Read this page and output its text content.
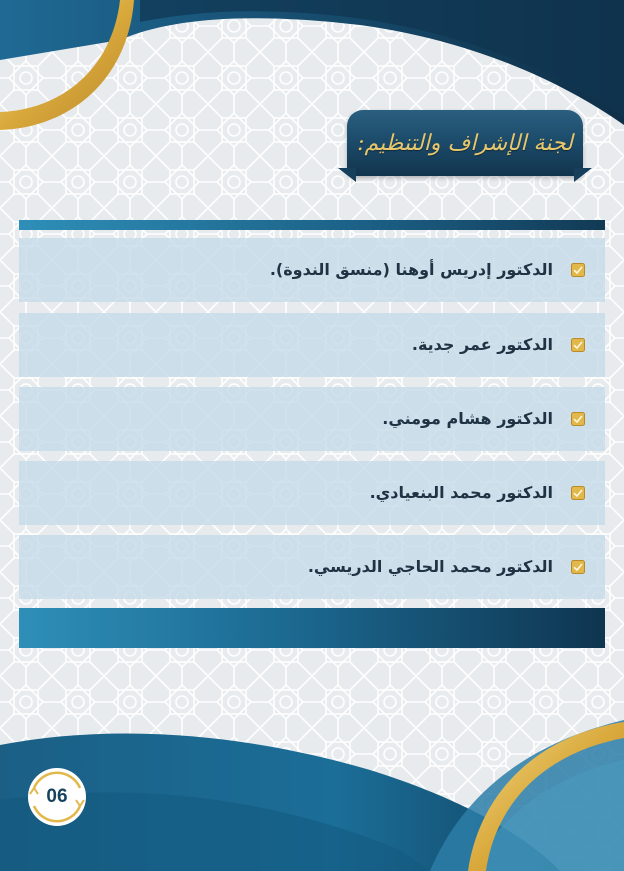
لجنة الإشراف والتنظيم:
الدكتور إدريس أوهنا (منسق الندوة).
الدكتور عمر جدية.
الدكتور هشام مومني.
الدكتور محمد البنعيادي.
الدكتور محمد الحاجي الدريسي.
06
